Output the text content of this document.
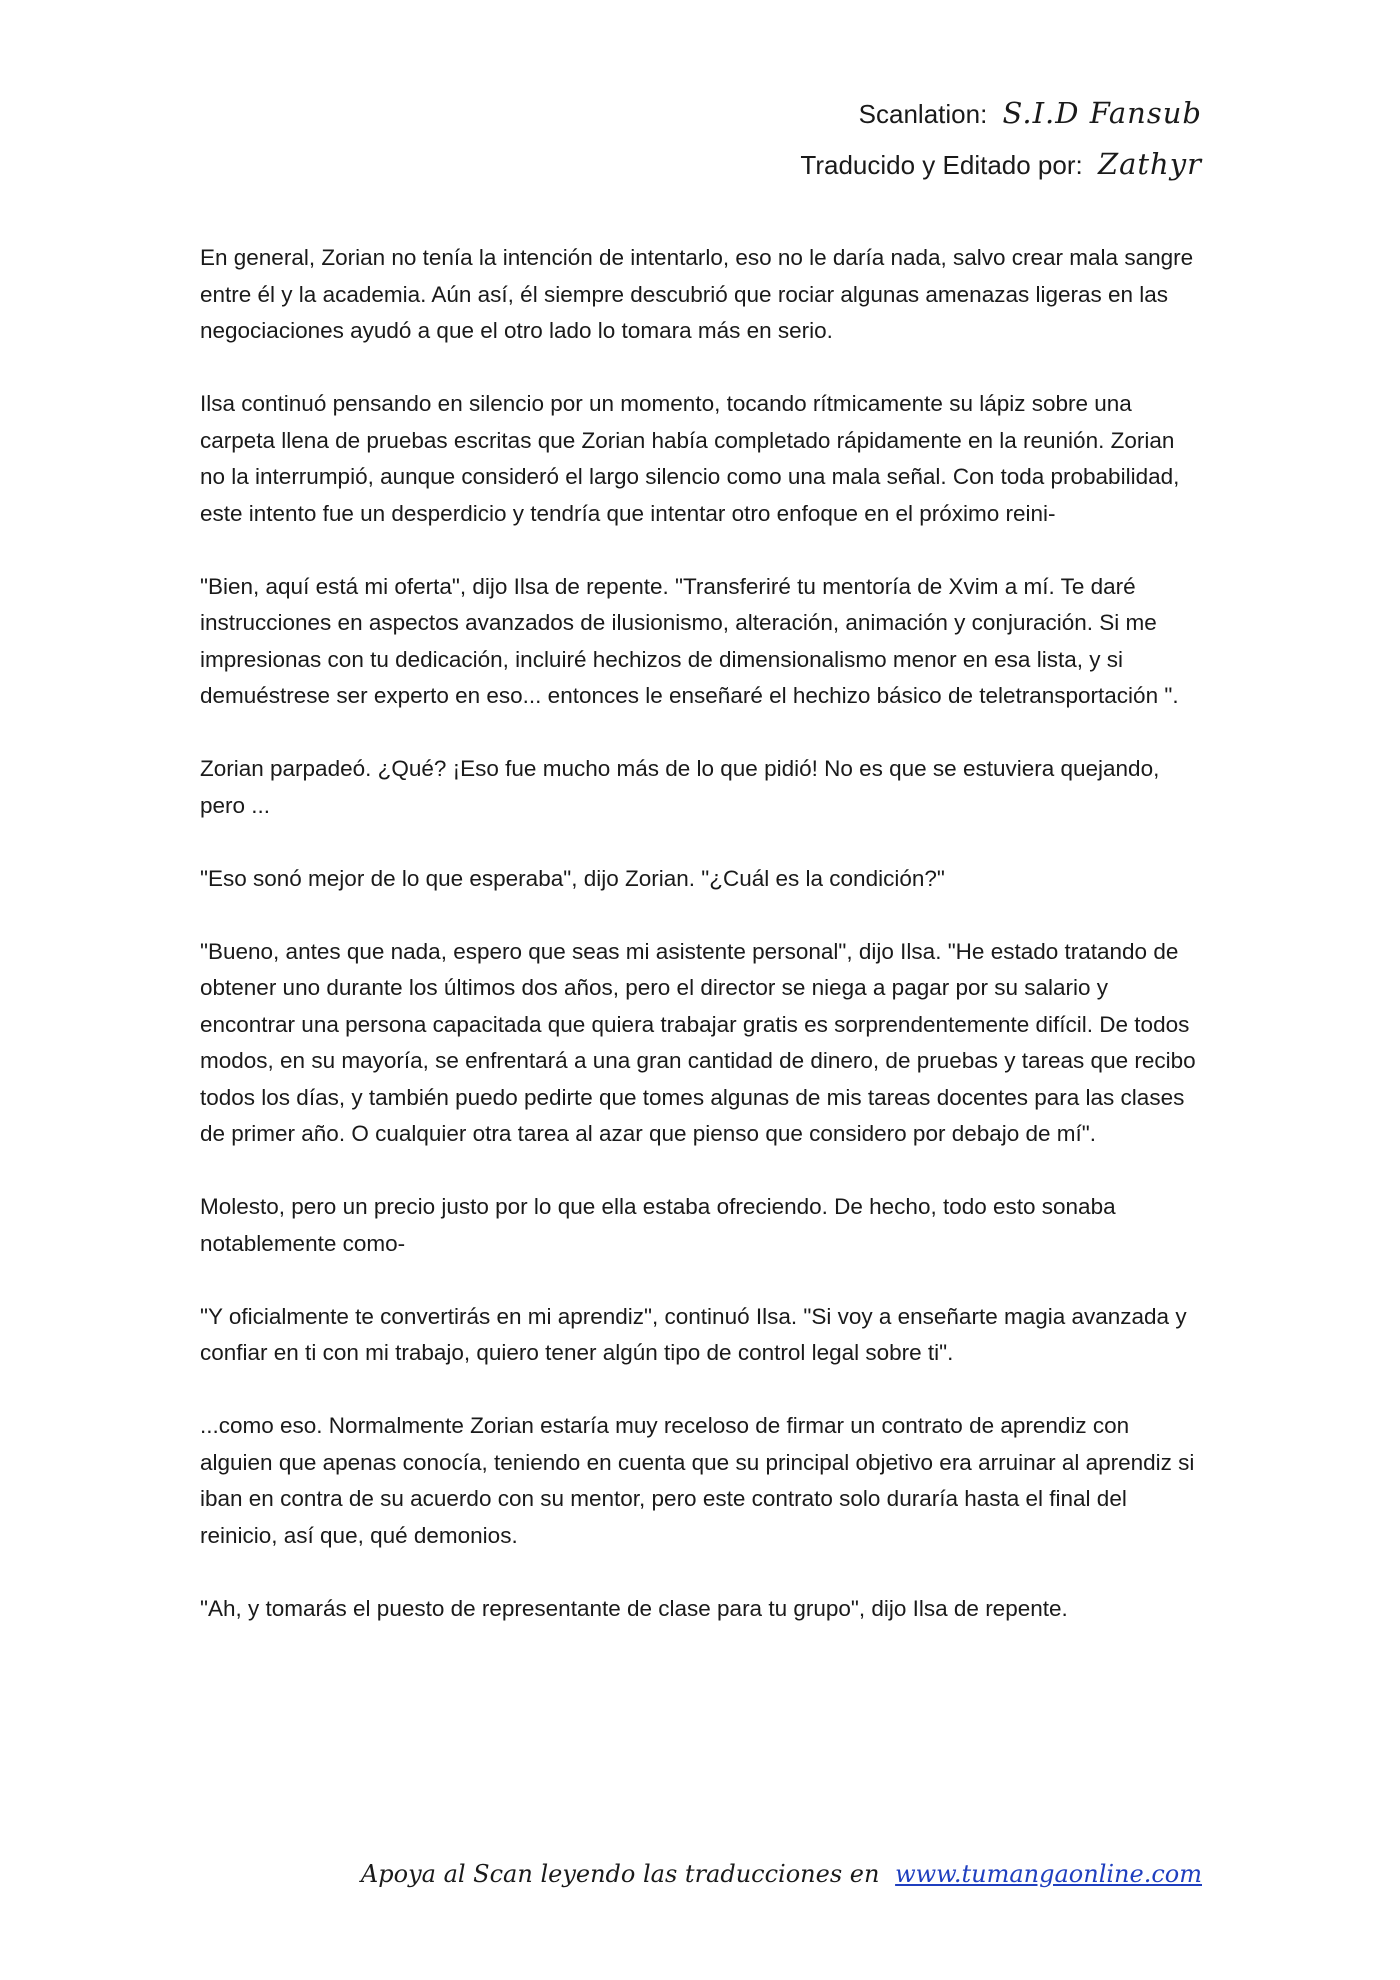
Scanlation: S.I.D Fansub
Traducido y Editado por: Zathyr

En general, Zorian no tenía la intención de intentarlo, eso no le daría nada, salvo crear mala sangre entre él y la academia. Aún así, él siempre descubrió que rociar algunas amenazas ligeras en las negociaciones ayudó a que el otro lado lo tomara más en serio.

Ilsa continuó pensando en silencio por un momento, tocando rítmicamente su lápiz sobre una carpeta llena de pruebas escritas que Zorian había completado rápidamente en la reunión. Zorian no la interrumpió, aunque consideró el largo silencio como una mala señal. Con toda probabilidad, este intento fue un desperdicio y tendría que intentar otro enfoque en el próximo reini-

"Bien, aquí está mi oferta", dijo Ilsa de repente. "Transferiré tu mentoría de Xvim a mí. Te daré instrucciones en aspectos avanzados de ilusionismo, alteración, animación y conjuración. Si me impresionas con tu dedicación, incluiré hechizos de dimensionalismo menor en esa lista, y si demuéstrese ser experto en eso... entonces le enseñaré el hechizo básico de teletransportación ".

Zorian parpadeó. ¿Qué? ¡Eso fue mucho más de lo que pidió! No es que se estuviera quejando, pero ...

"Eso sonó mejor de lo que esperaba", dijo Zorian. "¿Cuál es la condición?"

"Bueno, antes que nada, espero que seas mi asistente personal", dijo Ilsa. "He estado tratando de obtener uno durante los últimos dos años, pero el director se niega a pagar por su salario y encontrar una persona capacitada que quiera trabajar gratis es sorprendentemente difícil. De todos modos, en su mayoría, se enfrentará a una gran cantidad de dinero, de pruebas y tareas que recibo todos los días, y también puedo pedirte que tomes algunas de mis tareas docentes para las clases de primer año. O cualquier otra tarea al azar que pienso que considero por debajo de mí".

Molesto, pero un precio justo por lo que ella estaba ofreciendo. De hecho, todo esto sonaba notablemente como-

"Y oficialmente te convertirás en mi aprendiz", continuó Ilsa. "Si voy a enseñarte magia avanzada y confiar en ti con mi trabajo, quiero tener algún tipo de control legal sobre ti".

...como eso. Normalmente Zorian estaría muy receloso de firmar un contrato de aprendiz con alguien que apenas conocía, teniendo en cuenta que su principal objetivo era arruinar al aprendiz si iban en contra de su acuerdo con su mentor, pero este contrato solo duraría hasta el final del reinicio, así que, qué demonios.

"Ah, y tomarás el puesto de representante de clase para tu grupo", dijo Ilsa de repente.

Apoya al Scan leyendo las traducciones en www.tumangaonline.com
